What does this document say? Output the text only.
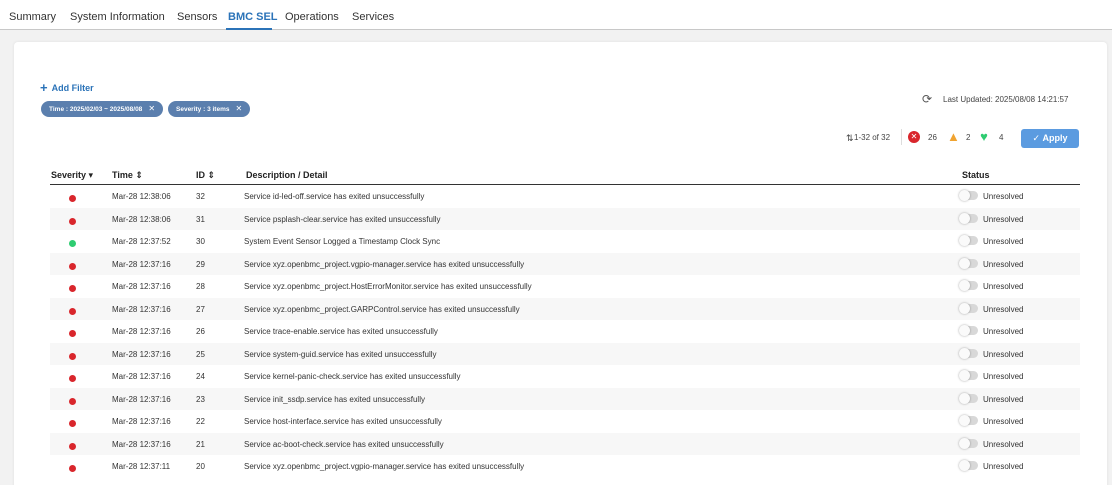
Summary System Information Sensors BMC SEL Operations Services
+ Add Filter
Time : 2025/02/03 ~ 2025/08/08 ✕	Severity : 3 items ✕
⟳ Last Updated: 2025/08/08 14:21:57
⇅ 1-32 of 32	✕	26 ▲ 2 ♥ 4	✓ Apply
Severity ▾ Time ⇕	ID ⇕	Description / Detail	Status
Mar-28 12:38:06	32	Service id-led-off.service has exited unsuccessfully	Unresolved
Mar-28 12:38:06	31	Service psplash-clear.service has exited unsuccessfully	Unresolved
Mar-28 12:37:52	30	System Event Sensor Logged a Timestamp Clock Sync	Unresolved
Mar-28 12:37:16	29	Service xyz.openbmc_project.vgpio-manager.service has exited unsuccessfully	Unresolved
Mar-28 12:37:16	28	Service xyz.openbmc_project.HostErrorMonitor.service has exited unsuccessfully	Unresolved
Mar-28 12:37:16	27	Service xyz.openbmc_project.GARPControl.service has exited unsuccessfully	Unresolved
Mar-28 12:37:16	26	Service trace-enable.service has exited unsuccessfully	Unresolved
Mar-28 12:37:16	25	Service system-guid.service has exited unsuccessfully	Unresolved
Mar-28 12:37:16	24	Service kernel-panic-check.service has exited unsuccessfully	Unresolved
Mar-28 12:37:16	23	Service init_ssdp.service has exited unsuccessfully	Unresolved
Mar-28 12:37:16	22	Service host-interface.service has exited unsuccessfully	Unresolved
Mar-28 12:37:16	21	Service ac-boot-check.service has exited unsuccessfully	Unresolved
Mar-28 12:37:11	20	Service xyz.openbmc_project.vgpio-manager.service has exited unsuccessfully	Unresolved
